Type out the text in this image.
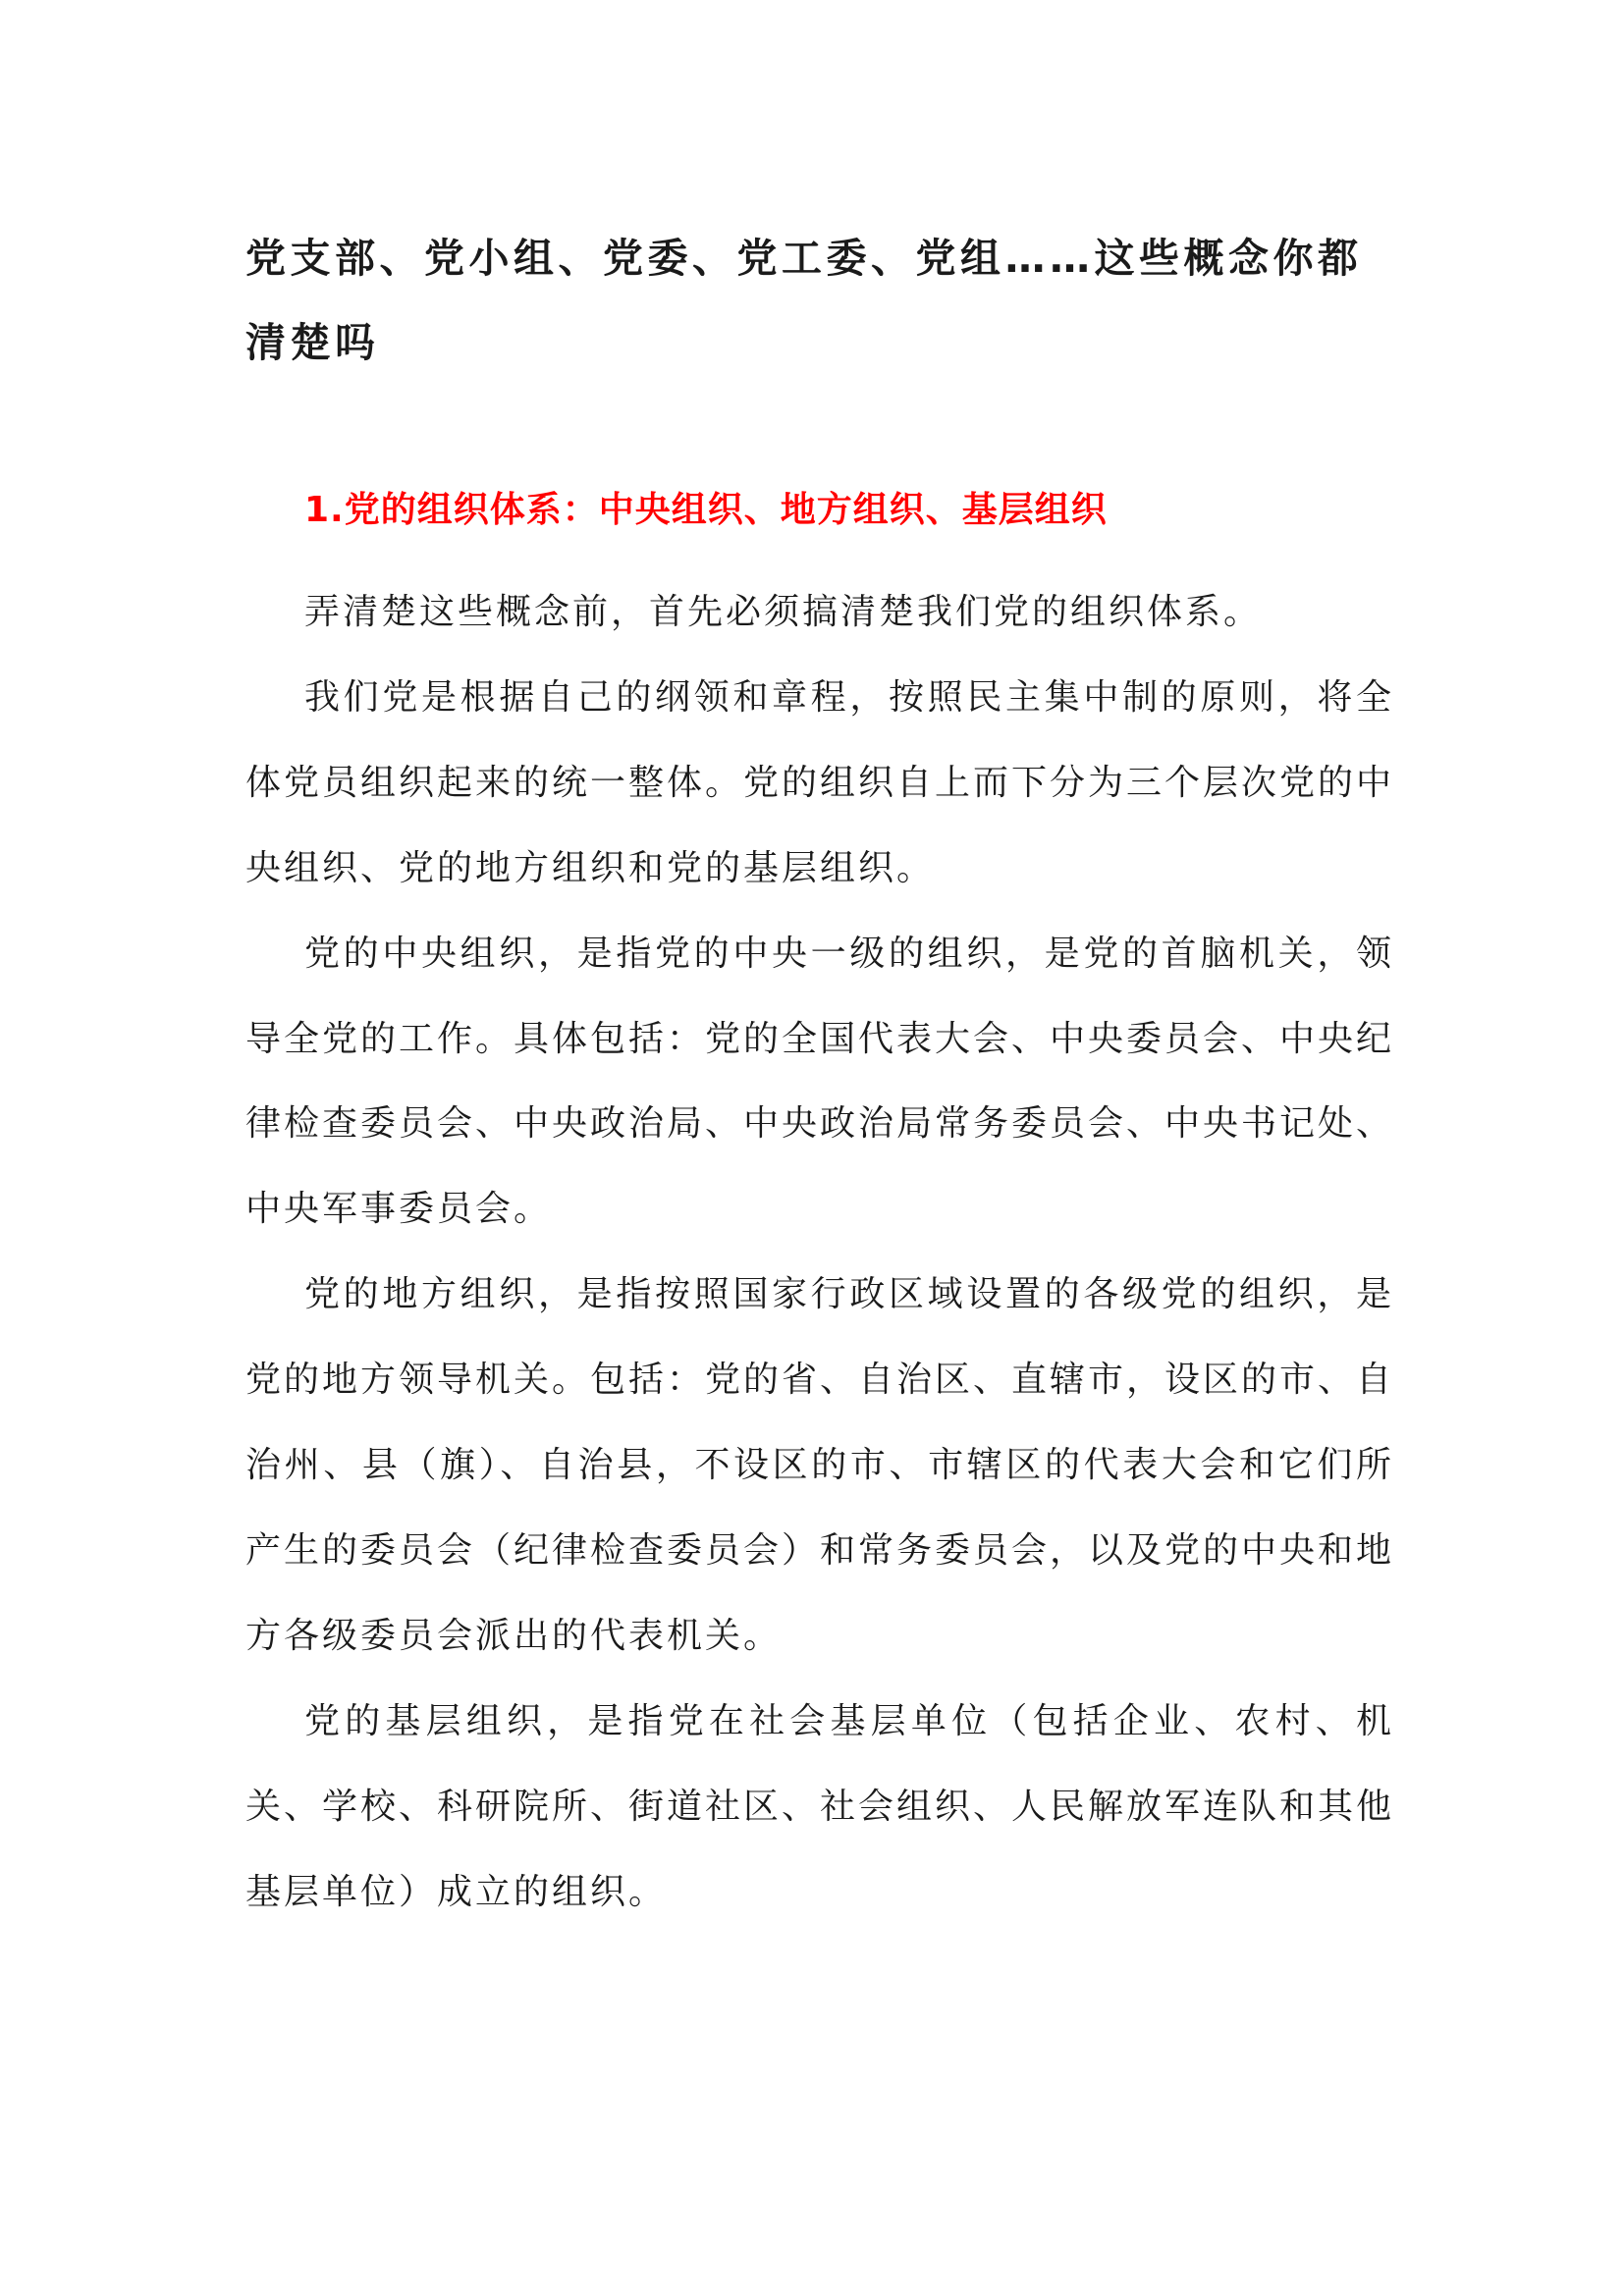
党支部、党小组、党委、党工委、党组……这些概念你都清楚吗
1.党的组织体系：中央组织、地方组织、基层组织

弄清楚这些概念前，首先必须搞清楚我们党的组织体系。

我们党是根据自己的纲领和章程，按照民主集中制的原则，将全体党员组织起来的统一整体。党的组织自上而下分为三个层次党的中央组织、党的地方组织和党的基层组织。

党的中央组织，是指党的中央一级的组织，是党的首脑机关，领导全党的工作。具体包括：党的全国代表大会、中央委员会、中央纪律检查委员会、中央政治局、中央政治局常务委员会、中央书记处、中央军事委员会。

党的地方组织，是指按照国家行政区域设置的各级党的组织，是党的地方领导机关。包括：党的省、自治区、直辖市，设区的市、自治州、县（旗）、自治县，不设区的市、市辖区的代表大会和它们所产生的委员会（纪律检查委员会）和常务委员会，以及党的中央和地方各级委员会派出的代表机关。

党的基层组织，是指党在社会基层单位（包括企业、农村、机关、学校、科研院所、街道社区、社会组织、人民解放军连队和其他基层单位）成立的组织。
